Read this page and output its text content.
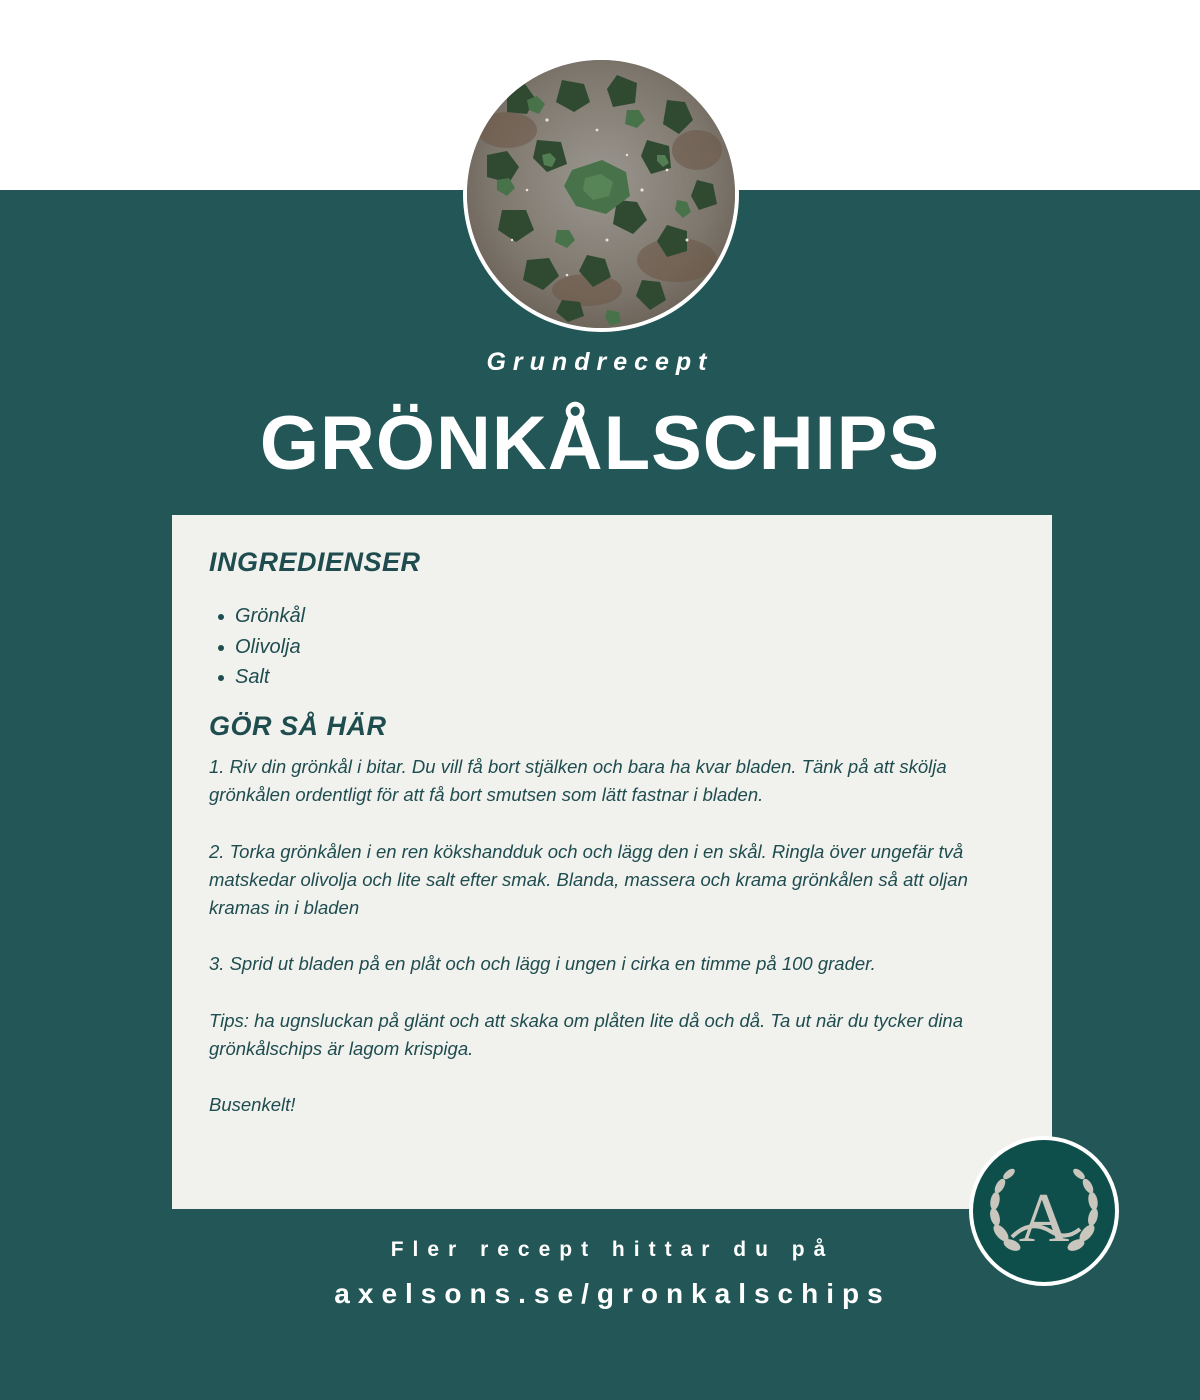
Grundrecept
GRÖNKÅLSCHIPS
INGREDIENSER
Grönkål
Olivolja
Salt
GÖR SÅ HÄR

1. Riv din grönkål i bitar. Du vill få bort stjälken och bara ha kvar bladen. Tänk på att skölja grönkålen ordentligt för att få bort smutsen som lätt fastnar i bladen.

2. Torka grönkålen i en ren kökshandduk och och lägg den i en skål. Ringla över ungefär två matskedar olivolja och lite salt efter smak. Blanda, massera och krama grönkålen så att oljan kramas in i bladen

3. Sprid ut bladen på en plåt och och lägg i ungen i cirka en timme på 100 grader.

Tips: ha ugnsluckan på glänt och att skaka om plåten lite då och då. Ta ut när du tycker dina grönkålschips är lagom krispiga.

Busenkelt!

Fler recept hittar du på
axelsons.se/gronkalschips
A
